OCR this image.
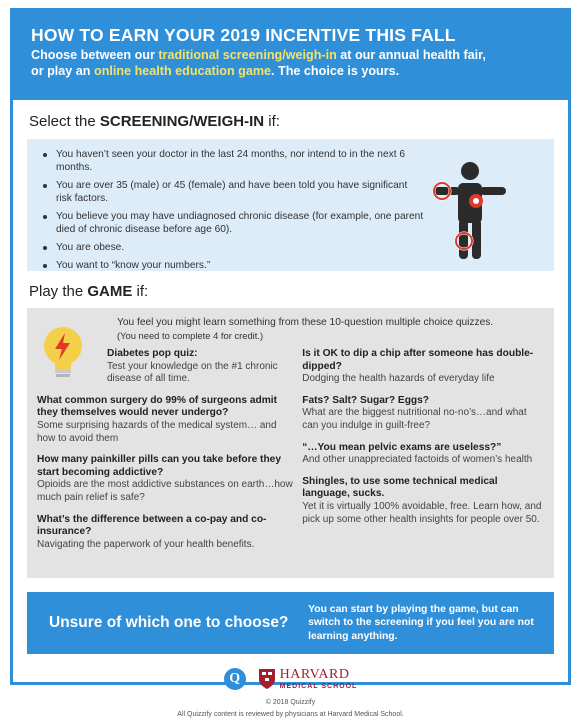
HOW TO EARN YOUR 2019 INCENTIVE THIS FALL
Choose between our traditional screening/weigh-in at our annual health fair,
or play an online health education game. The choice is yours.
Select the SCREENING/WEIGH-IN if:
You haven’t seen your doctor in the last 24 months, nor intend to in the next 6 months.
You are over 35 (male) or 45 (female) and have been told you have significant risk factors.
You believe you may have undiagnosed chronic disease (for example, one parent died of chronic disease before age 60).
You are obese.
You want to “know your numbers.”
Play the GAME if:
You feel you might learn something from these 10-question multiple choice quizzes.
(You need to complete 4 for credit.)
Diabetes pop quiz:
Test your knowledge on the #1 chronic disease of all time.
What common surgery do 99% of surgeons admit they themselves would never undergo?
Some surprising hazards of the medical system… and how to avoid them
How many painkiller pills can you take before they start becoming addictive?
Opioids are the most addictive substances on earth…how much pain relief is safe?
What’s the difference between a co-pay and co-insurance?
Navigating the paperwork of your health benefits.
Is it OK to dip a chip after someone has double-dipped?
Dodging the health hazards of everyday life
Fats? Salt? Sugar? Eggs?
What are the biggest nutritional no-no’s…and what can you indulge in guilt-free?
“…You mean pelvic exams are useless?”
And other unappreciated factoids of women’s health
Shingles, to use some technical medical language, sucks.
Yet it is virtually 100% avoidable, free. Learn how, and pick up some other health insights for people over 50.
Unsure of which one to choose?
You can start by playing the game, but can switch to the screening if you feel you are not learning anything.
Q	HARVARD
MEDICAL SCHOOL
© 2018 Quizzify
All Quizzify content is reviewed by physicians at Harvard Medical School.
